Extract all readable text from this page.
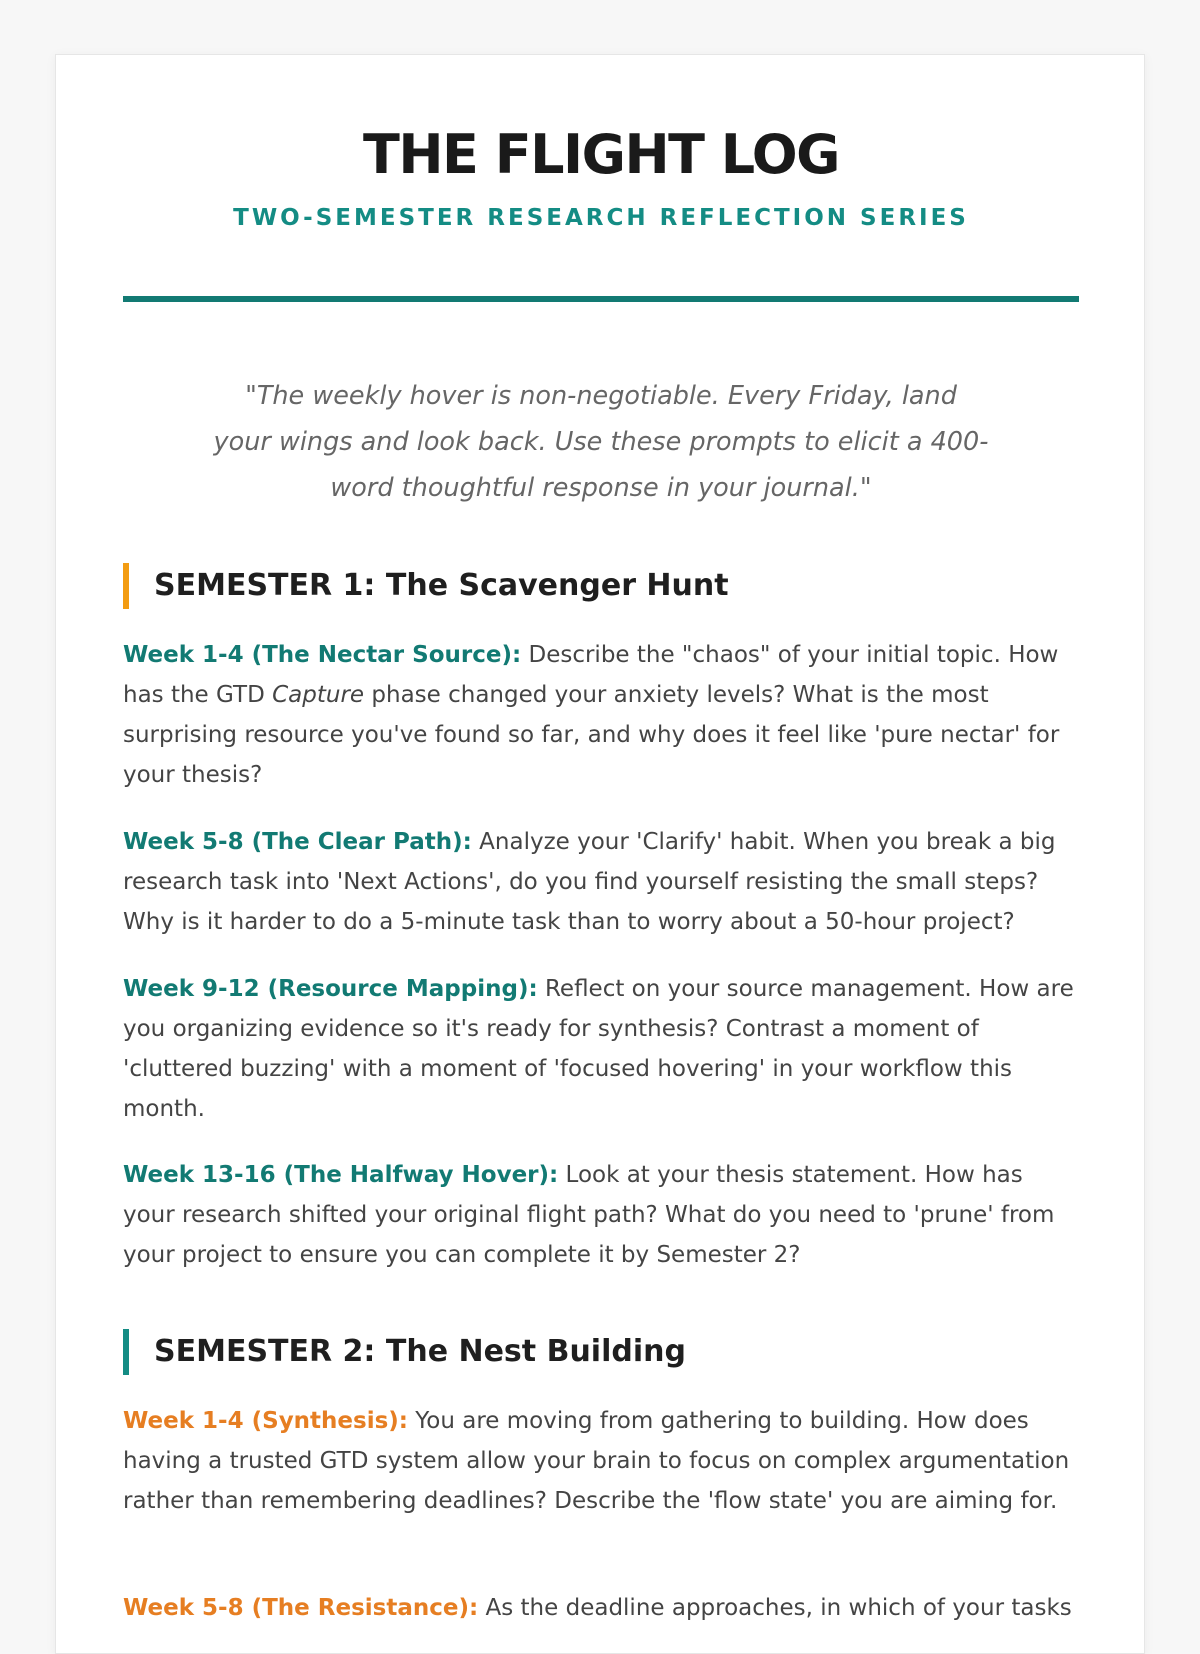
THE FLIGHT LOG
TWO-SEMESTER RESEARCH REFLECTION SERIES
"The weekly hover is non-negotiable. Every Friday, land your wings and look back. Use these prompts to elicit a 400-word thoughtful response in your journal."
SEMESTER 1: The Scavenger Hunt

Week 1-4 (The Nectar Source): Describe the "chaos" of your initial topic. How has the GTD Capture phase changed your anxiety levels? What is the most surprising resource you've found so far, and why does it feel like 'pure nectar' for your thesis?

Week 5-8 (The Clear Path): Analyze your 'Clarify' habit. When you break a big research task into 'Next Actions', do you find yourself resisting the small steps? Why is it harder to do a 5-minute task than to worry about a 50-hour project?

Week 9-12 (Resource Mapping): Reflect on your source management. How are you organizing evidence so it's ready for synthesis? Contrast a moment of 'cluttered buzzing' with a moment of 'focused hovering' in your workflow this month.

Week 13-16 (The Halfway Hover): Look at your thesis statement. How has your research shifted your original flight path? What do you need to 'prune' from your project to ensure you can complete it by Semester 2?

SEMESTER 2: The Nest Building

Week 1-4 (Synthesis): You are moving from gathering to building. How does having a trusted GTD system allow your brain to focus on complex argumentation rather than remembering deadlines? Describe the 'flow state' you are aiming for.

Week 5-8 (The Resistance): As the deadline approaches, in which of your tasks
